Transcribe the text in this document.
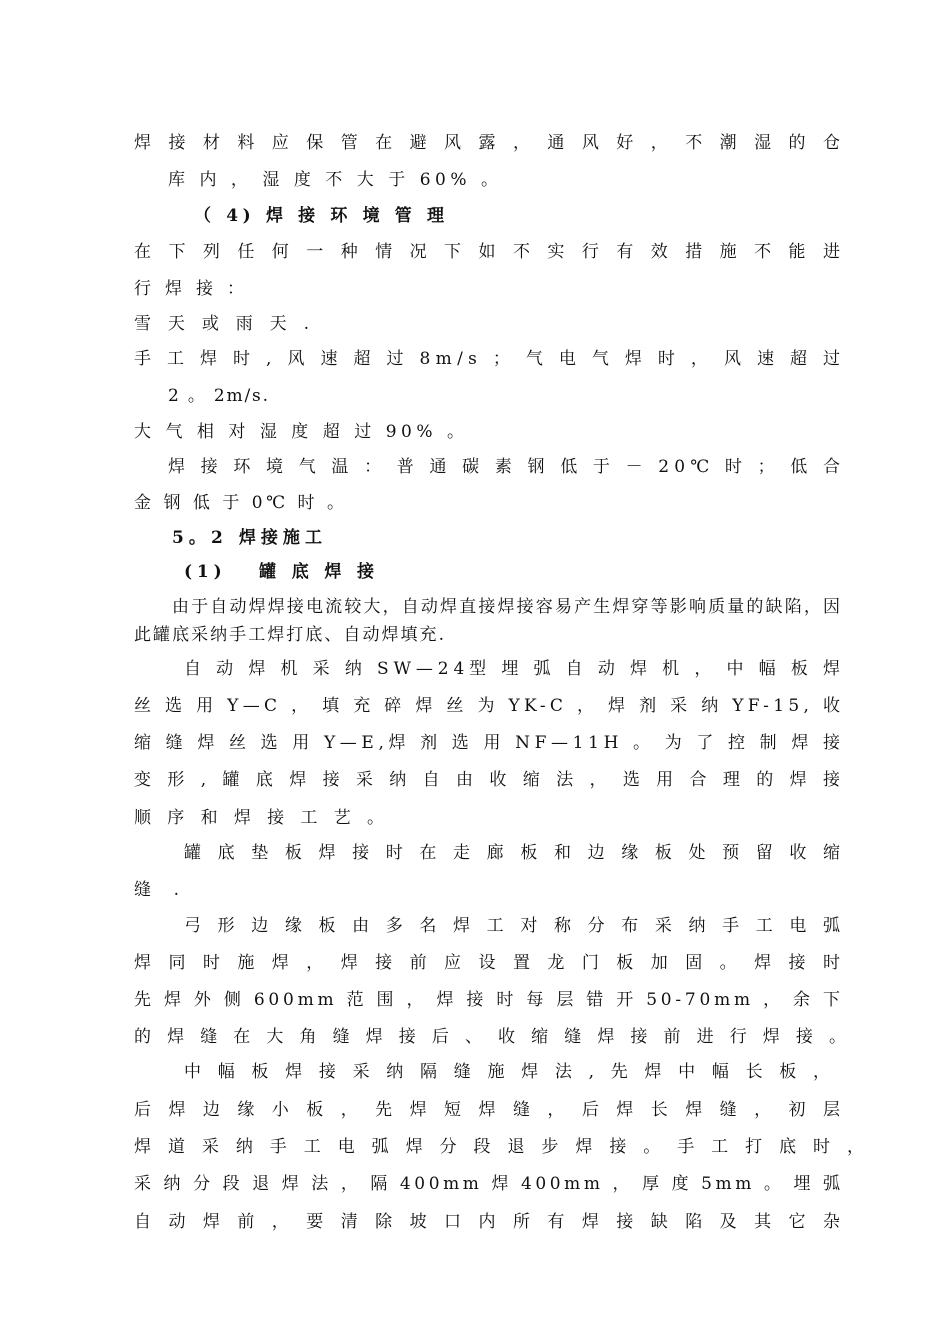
焊 接 材 料 应 保 管 在 避 风 露 ， 通 风 好 ， 不 潮 湿 的 仓
库 内 ， 湿 度 不 大 于 60% 。
（ 4) 焊 接 环 境 管 理
在 下 列 任 何 一 种 情 况 下 如 不 实 行 有 效 措 施 不 能 进
行 焊 接 ：
雪 天 或 雨 天 .
手 工 焊 时 , 风 速 超 过 8m/s ； 气 电 气 焊 时 ， 风 速 超 过
2 。 2m/s.
大 气 相 对 湿 度 超 过 90% 。
焊 接 环 境 气 温 ： 普 通 碳 素 钢 低 于 － 20℃ 时 ； 低 合
金 钢 低 于 0℃ 时 。
5。2 焊接施工
(1)　 罐 底 焊 接
由于自动焊焊接电流较大，自动焊直接焊接容易产生焊穿等影响质量的缺陷，因
此罐底采纳手工焊打底、自动焊填充.
自 动 焊 机 采 纳 SW—24型 埋 弧 自 动 焊 机 ， 中 幅 板 焊
丝 选 用 Y—C ， 填 充 碎 焊 丝 为 YK-C ， 焊 剂 采 纳 YF-15, 收
缩 缝 焊 丝 选 用 Y—E,焊 剂 选 用 NF—11H 。 为 了 控 制 焊 接
变 形 , 罐 底 焊 接 采 纳 自 由 收 缩 法 ， 选 用 合 理 的 焊 接
顺 序 和 焊 接 工 艺 。
罐 底 垫 板 焊 接 时 在 走 廊 板 和 边 缘 板 处 预 留 收 缩
缝 .
弓 形 边 缘 板 由 多 名 焊 工 对 称 分 布 采 纳 手 工 电 弧
焊 同 时 施 焊 ， 焊 接 前 应 设 置 龙 门 板 加 固 。 焊 接 时
先 焊 外 侧 600mm 范 围 ， 焊 接 时 每 层 错 开 50-70mm ， 余 下
的 焊 缝 在 大 角 缝 焊 接 后 、 收 缩 缝 焊 接 前 进 行 焊 接 。
中 幅 板 焊 接 采 纳 隔 缝 施 焊 法 , 先 焊 中 幅 长 板 ，
后 焊 边 缘 小 板 ， 先 焊 短 焊 缝 ， 后 焊 长 焊 缝 ， 初 层
焊 道 采 纳 手 工 电 弧 焊 分 段 退 步 焊 接 。 手 工 打 底 时 ，
采 纳 分 段 退 焊 法 ， 隔 400mm 焊 400mm ， 厚 度 5mm 。 埋 弧
自 动 焊 前 ， 要 清 除 坡 口 内 所 有 焊 接 缺 陷 及 其 它 杂
